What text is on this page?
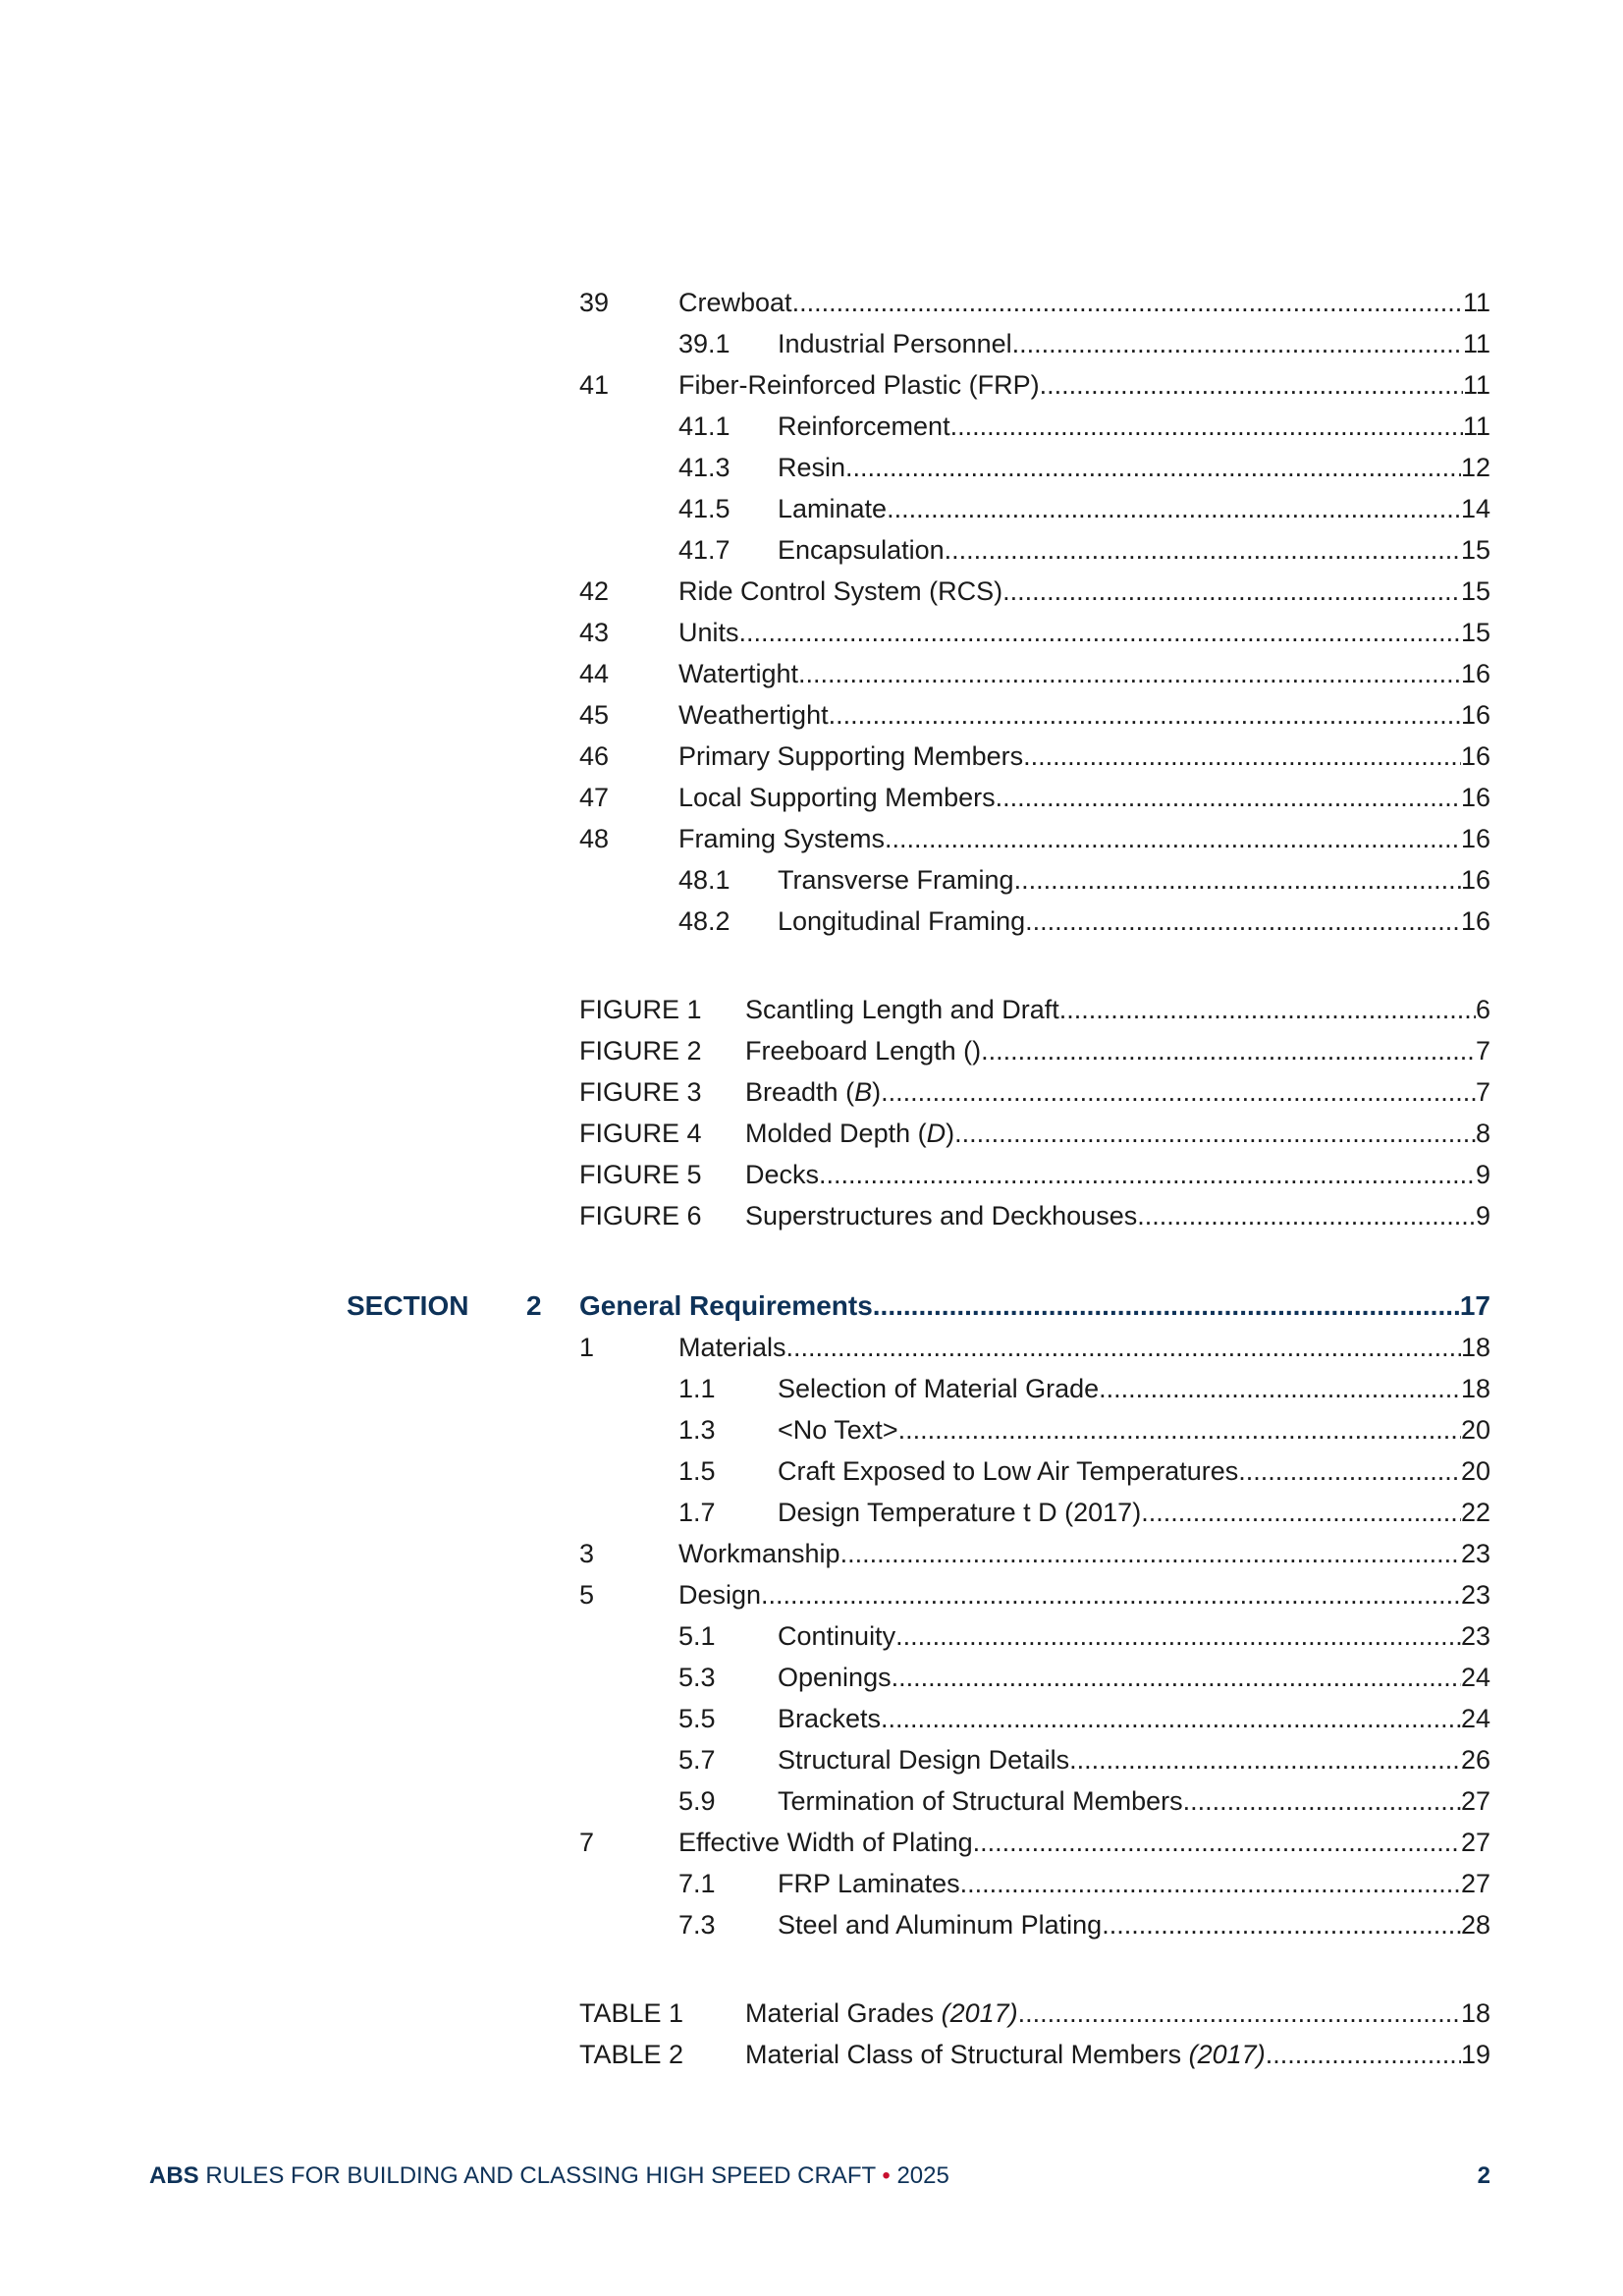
39	Crewboat .....	11
39.1 Industrial Personnel .....	11
41	Fiber-Reinforced Plastic (FRP) .....	11
41.1 Reinforcement .....	11
41.3 Resin .....	12
41.5 Laminate .....	14
41.7 Encapsulation .....	15
42	Ride Control System (RCS) .....	15
43	Units .....	15
44	Watertight .....	16
45	Weathertight .....	16
46	Primary Supporting Members .....	16
47	Local Supporting Members .....	16
48	Framing Systems .....	16
48.1 Transverse Framing .....	16
48.2 Longitudinal Framing .....	16
FIGURE 1 Scantling Length and Draft .....	6
FIGURE 2 Freeboard Length () .....	7
FIGURE 3 Breadth (B) .....	7
FIGURE 4 Molded Depth (D) .....	8
FIGURE 5 Decks .....	9
FIGURE 6 Superstructures and Deckhouses .....	9
SECTION 2 General Requirements .....	17
1	Materials .....	18
1.1 Selection of Material Grade .....	18
1.3 <No Text> .....	20
1.5 Craft Exposed to Low Air Temperatures .....	20
1.7 Design Temperature t D (2017) .....	22
3	Workmanship .....	23
5	Design .....	23
5.1 Continuity .....	23
5.3 Openings .....	24
5.5 Brackets .....	24
5.7 Structural Design Details .....	26
5.9 Termination of Structural Members .....	27
7	Effective Width of Plating .....	27
7.1 FRP Laminates .....	27
7.3 Steel and Aluminum Plating .....	28
TABLE 1 Material Grades (2017) .....	18
TABLE 2 Material Class of Structural Members (2017) .....	19
ABS RULES FOR BUILDING AND CLASSING HIGH SPEED CRAFT • 2025	2
